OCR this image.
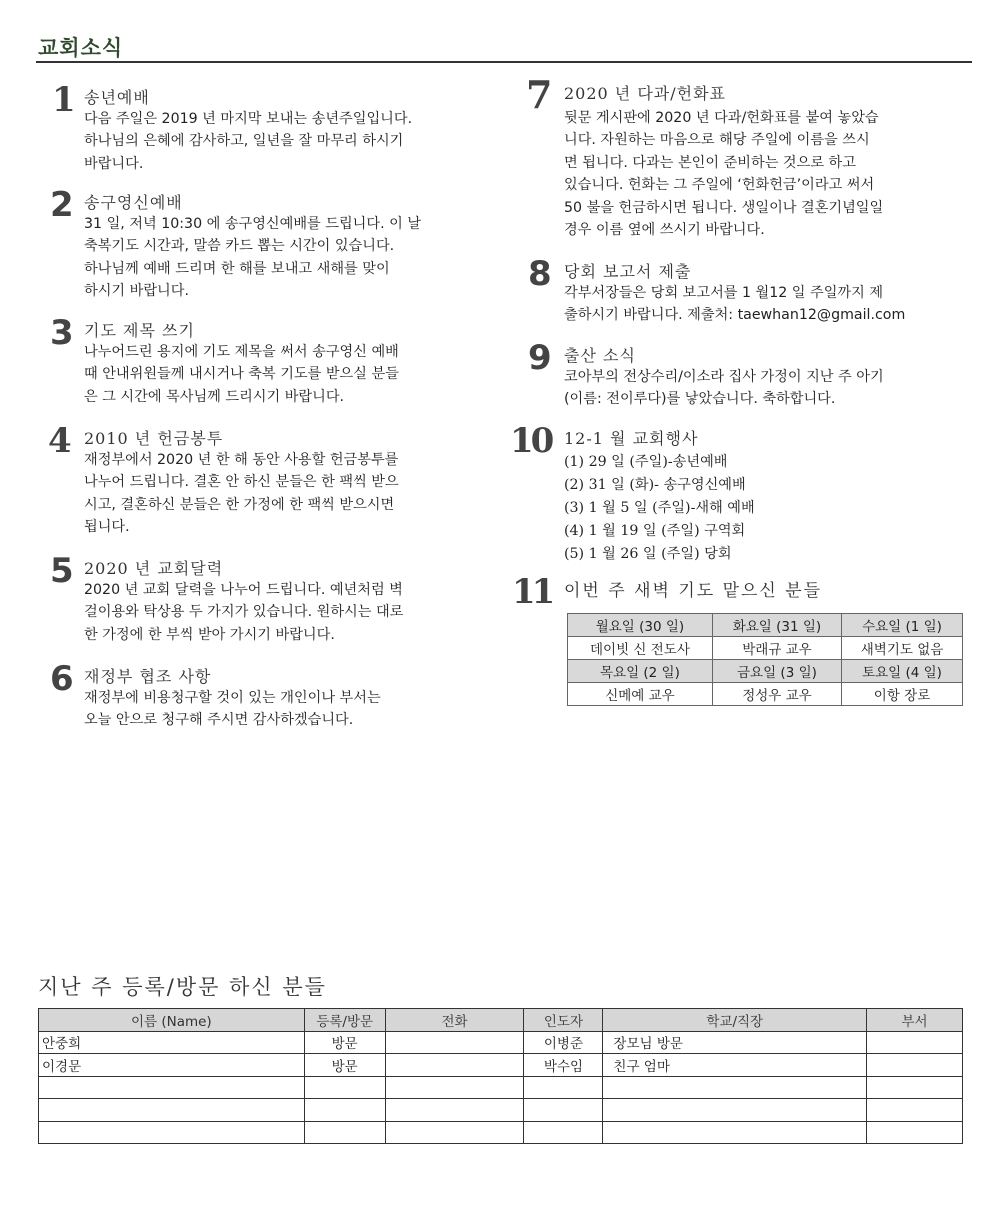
교회소식
1 송년예배
다음 주일은 2019 년 마지막 보내는 송년주일입니다.
하나님의 은혜에 감사하고, 일년을 잘 마무리 하시기
바랍니다.
2 송구영신예배
31 일, 저녁 10:30 에 송구영신예배를 드립니다. 이 날
축복기도 시간과, 말씀 카드 뽑는 시간이 있습니다.
하나님께 예배 드리며 한 해를 보내고 새해를 맞이
하시기 바랍니다.
3 기도 제목 쓰기
나누어드린 용지에 기도 제목을 써서 송구영신 예배
때 안내위원들께 내시거나 축복 기도를 받으실 분들
은 그 시간에 목사님께 드리시기 바랍니다.
4 2010 년 헌금봉투
재정부에서 2020 년 한 해 동안 사용할 헌금봉투를
나누어 드립니다. 결혼 안 하신 분들은 한 팩씩 받으
시고, 결혼하신 분들은 한 가정에 한 팩씩 받으시면
됩니다.
5 2020 년 교회달력
2020 년 교회 달력을 나누어 드립니다. 예년처럼 벽
걸이용와 탁상용 두 가지가 있습니다. 원하시는 대로
한 가정에 한 부씩 받아 가시기 바랍니다.
6 재정부 협조 사항
재정부에 비용청구할 것이 있는 개인이나 부서는
오늘 안으로 청구해 주시면 감사하겠습니다.
7 2020 년 다과/헌화표
뒷문 게시판에 2020 년 다과/헌화표를 붙여 놓았습
니다. 자원하는 마음으로 해당 주일에 이름을 쓰시
면 됩니다. 다과는 본인이 준비하는 것으로 하고
있습니다. 헌화는 그 주일에 ‘헌화헌금’이라고 써서
50 불을 헌금하시면 됩니다. 생일이나 결혼기념일일
경우 이름 옆에 쓰시기 바랍니다.
8 당회 보고서 제출
각부서장들은 당회 보고서를 1 월12 일 주일까지 제
출하시기 바랍니다. 제출처: taewhan12@gmail.com
9 출산 소식
코아부의 전상수리/이소라 집사 가정이 지난 주 아기
(이름: 전이루다)를 낳았습니다. 축하합니다.
10 12-1 월 교회행사
(1) 29 일 (주일)-송년예배
(2) 31 일 (화)- 송구영신예배
(3) 1 월 5 일 (주일)-새해 예배
(4) 1 월 19 일 (주일) 구역회
(5) 1 월 26 일 (주일) 당회
11 이번 주 새벽 기도 맡으신 분들
월요일 (30 일)	화요일 (31 일)	수요일 (1 일)
데이빗 신 전도사	박래규 교우	새벽기도 없음
목요일 (2 일)	금요일 (3 일)	토요일 (4 일)
신메예 교우	정성우 교우	이항 장로
지난 주 등록/방문 하신 분들
이름 (Name)	등록/방문	전화	인도자	학교/직장	부서
안중희	방문		이병준	장모님 방문	
이경문	방문		박수임	친구 엄마	
